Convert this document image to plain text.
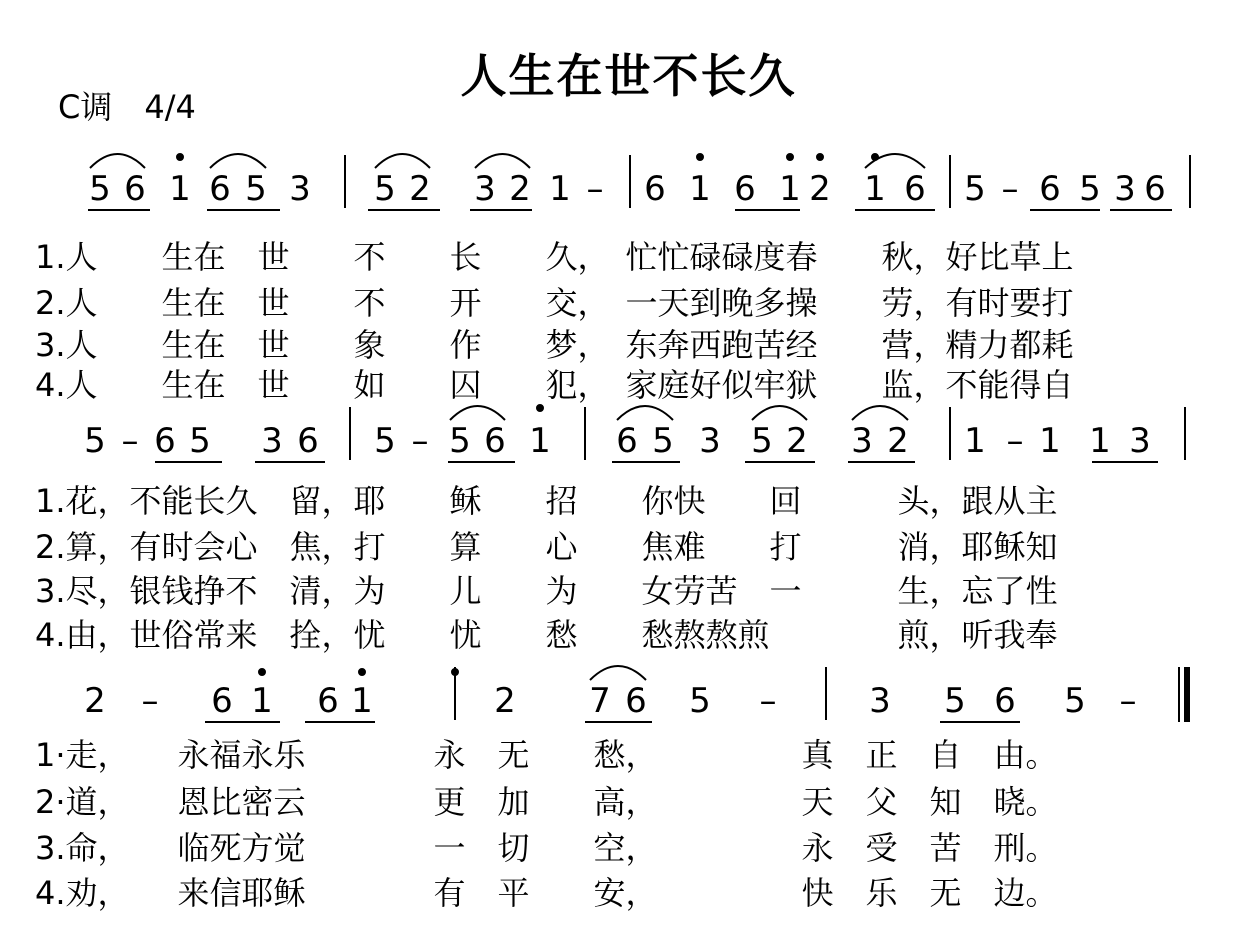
人生在世不长久
C调　4/4
5 6 1 6 5 3 5 2 3 2 1 – 6 1 6 1 2 1 6 5 – 6 5 3 6
5 – 6 5 3 6 5 – 5 6 1 6 5 3 5 2 3 2 1 – 1 1 3
2 – 6 1 6 1	2 7 6 5 –	3 5 6 5 –
1.人　　生在　世　　不　　长　　久，　忙忙碌碌度春　　秋，好比草上
2.人　　生在　世　　不　　开　　交，　一天到晚多操　　劳，有时要打
3.人　　生在　世　　象　　作　　梦，　东奔西跑苦经　　营，精力都耗
4.人　　生在　世　　如　　囚　　犯，　家庭好似牢狱　　监，不能得自
1.花，不能长久　留，耶　　稣　　招　　你快　　回　　　头，跟从主
2.算，有时会心　焦，打　　算　　心　　焦难　　打　　　消，耶稣知
3.尽，银钱挣不　清，为　　儿　　为　　女劳苦　一　　　生，忘了性
4.由，世俗常来　拴，忧　　忧　　愁　　愁熬熬煎　　　　煎，听我奉
1·走，　　永福永乐　　　　永　无　　愁，　　　　　真　正　自　由。
2·道，　　恩比密云　　　　更　加　　高，　　　　　天　父　知　晓。
3.命，　　临死方觉　　　　一　切　　空，　　　　　永　受　苦　刑。
4.劝，　　来信耶稣　　　　有　平　　安，　　　　　快　乐　无　边。
